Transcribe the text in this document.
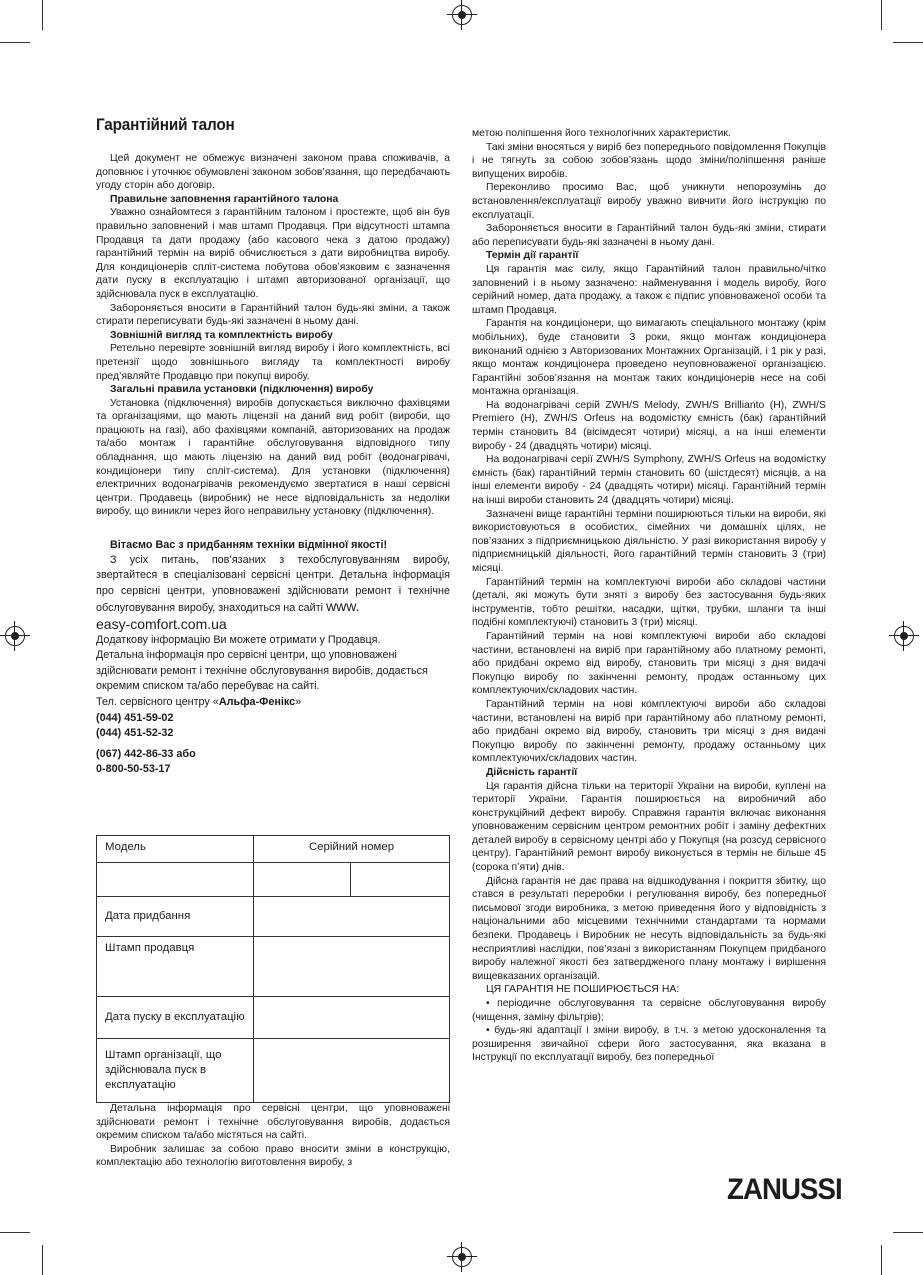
Гарантійний талон

Цей документ не обмежує визначені законом права споживачів, а доповнює і уточнює обумовлені законом зобов’язання, що передбачають угоду сторін або договір.

Правильне заповнення гарантійного талона

Уважно ознайомтеся з гарантійним талоном і простежте, щоб він був правильно заповнений і мав штамп Продавця. При відсутності штампа Продавця та дати продажу (або касового чека з датою продажу) гарантійний термін на виріб обчислюється з дати виробництва виробу. Для кондиціонерів спліт-система побутова обов’язковим є зазначення дати пуску в експлуатацію і штамп авторизованої організації, що здійснювала пуск в експлуатацію.

Забороняється вносити в Гарантійний талон будь-які зміни, а також стирати переписувати будь-які зазначені в ньому дані.

Зовнішній вигляд та комплектність виробу

Ретельно перевірте зовнішній вигляд виробу і його комплектність, всі претензії щодо зовнішнього вигляду та комплектності виробу пред’являйте Продавцю при покупці виробу.

Загальні правила установки (підключення) виробу

Установка (підключення) виробів допускається виключно фахівцями та організаціями, що мають ліцензії на даний вид робіт (вироби, що працюють на газі), або фахівцями компаній, авторизованих на продаж та/або монтаж і гарантійне обслуговування відповідного типу обладнання, що мають ліцензію на даний вид робіт (водонагрівачі, кондиціонери типу спліт-система). Для установки (підключення) електричних водонагрівачів рекомендуємо звертатися в наші сервісні центри. Продавець (виробник) не несе відповідальність за недоліки виробу, що виникли через його неправильну установку (підключення).

Вітаємо Вас з придбанням техніки відмінної якості!

З усіх питань, пов’язаних з техобслуговуванням виробу, звертайтеся в спеціалізовані сервісні центри. Детальна інформація про сервісні центри, уповноважені здійснювати ремонт і технічне обслуговування виробу, знаходиться на сайті www.

easy-comfort.com.ua

Додаткову інформацію Ви можете отримати у Продавця.

Детальна інформація про сервісні центри, що уповноважені здійснювати ремонт і технічне обслуговування виробів, додається окремим списком та/або перебуває на сайті.

Тел. сервісного центру «Альфа-Фенікс»

(044) 451-59-02

(044) 451-52-32

(067) 442-86-33 або

0-800-50-53-17

Модель	Серійний номер	

Дата придбання		
Штамп продавця		
Дата пуску в експлуатацію		
Штамп організації, що здійснювала пуск в експлуатацію		

Детальна інформація про сервісні центри, що уповноважені здійснювати ремонт і технічне обслуговування виробів, додається окремим списком та/або містяться на сайті.

Виробник залишає за собою право вносити зміни в конструкцію, комплектацію або технологію виготовлення виробу, з

метою поліпшення його технологічних характеристик.

Такі зміни вносяться у виріб без попереднього повідомлення Покупців і не тягнуть за собою зобов’язань щодо зміни/поліпшення раніше випущених виробів.

Переконливо просимо Вас, щоб уникнути непорозумінь до встановлення/експлуатації виробу уважно вивчити його інструкцію по експлуатації.

Забороняється вносити в Гарантійний талон будь-які зміни, стирати або переписувати будь-які зазначені в ньому дані.

Термін дії гарантії

Ця гарантія має силу, якщо Гарантійний талон правильно/чітко заповнений і в ньому зазначено: найменування і модель виробу, його серійний номер, дата продажу, а також є підпис уповноваженої особи та штамп Продавця.

Гарантія на кондиціонери, що вимагають спеціального монтажу (крім мобільних), буде становити 3 роки, якщо монтаж кондиціонера виконаний однією з Авторизованих Монтажних Організацій, і 1 рік у разі, якщо монтаж кондиціонера проведено неуповноваженої організацією. Гарантійні зобов’язання на монтаж таких кондиціонерів несе на собі монтажна організація.

На водонагрівачі серій ZWH/S Melody, ZWH/S Brilliantо (H), ZWH/S Premiero (H), ZWH/S Orfeus на водомістку ємність (бак) гарантійний термін становить 84 (вісімдесят чотири) місяці, а на інші елементи виробу - 24 (двадцять чотири) місяці.

На водонагрівачі серії ZWH/S Symphony, ZWH/S Orfeus на водомістку ємність (бак) гарантійний термін становить 60 (шістдесят) місяців, а на інші елементи виробу - 24 (двадцять чотири) місяці. Гарантійний термін на інші вироби становить 24 (двадцять чотири) місяці.

Зазначені вище гарантійні терміни поширюються тільки на вироби, які використовуються в особистих, сімейних чи домашніх цілях, не пов’язаних з підприємницькою діяльністю. У разі використання виробу у підприємницькій діяльності, його гарантійний термін становить 3 (три) місяці.

Гарантійний термін на комплектуючі вироби або складові частини (деталі, які можуть бути зняті з виробу без застосування будь-яких інструментів, тобто решітки, насадки, щітки, трубки, шланги та інші подібні комплектуючі) становить 3 (три) місяці.

Гарантійний термін на нові комплектуючі вироби або складові частини, встановлені на виріб при гарантійному або платному ремонті, або придбані окремо від виробу, становить три місяці з дня видачі Покупцю виробу по закінченні ремонту, продаж останньому цих комплектуючих/складових частин.

Гарантійний термін на нові комплектуючі вироби або складові частини, встановлені на виріб при гарантійному або платному ремонті, або придбані окремо від виробу, становить три місяці з дня видачі Покупцю виробу по закінченні ремонту, продажу останньому цих комплектуючих/складових частин.

Дійсність гарантії

Ця гарантія дійсна тільки на території України на вироби, куплені на території України. Гарантія поширюється на виробничий або конструкційний дефект виробу. Справжня гарантія включає виконання уповноваженим сервісним центром ремонтних робіт і заміну дефектних деталей виробу в сервісному центрі або у Покупця (на розсуд сервісного центру). Гарантійний ремонт виробу виконується в термін не більше 45 (сорока п’яти) днів.

Дійсна гарантія не дає права на відшкодування і покриття збитку, що стався в результаті переробки і регулювання виробу, без попередньої письмової згоди виробника, з метою приведення його у відповідність з національними або місцевими технічними стандартами та нормами безпеки. Продавець і Виробник не несуть відповідальність за будь-які несприятливі наслідки, пов’язані з використанням Покупцем придбаного виробу належної якості без затвердженого плану монтажу і вирішення вищевказаних організацій.

ЦЯ ГАРАНТІЯ НЕ ПОШИРЮЄТЬСЯ НА:

• періодичне обслуговування та сервісне обслуговування виробу (чищення, заміну фільтрів);

• будь-які адаптації і зміни виробу, в т.ч. з метою удосконалення та розширення звичайної сфери його застосування, яка вказана в Інструкції по експлуатації виробу, без попередньої

ZANUSSI
